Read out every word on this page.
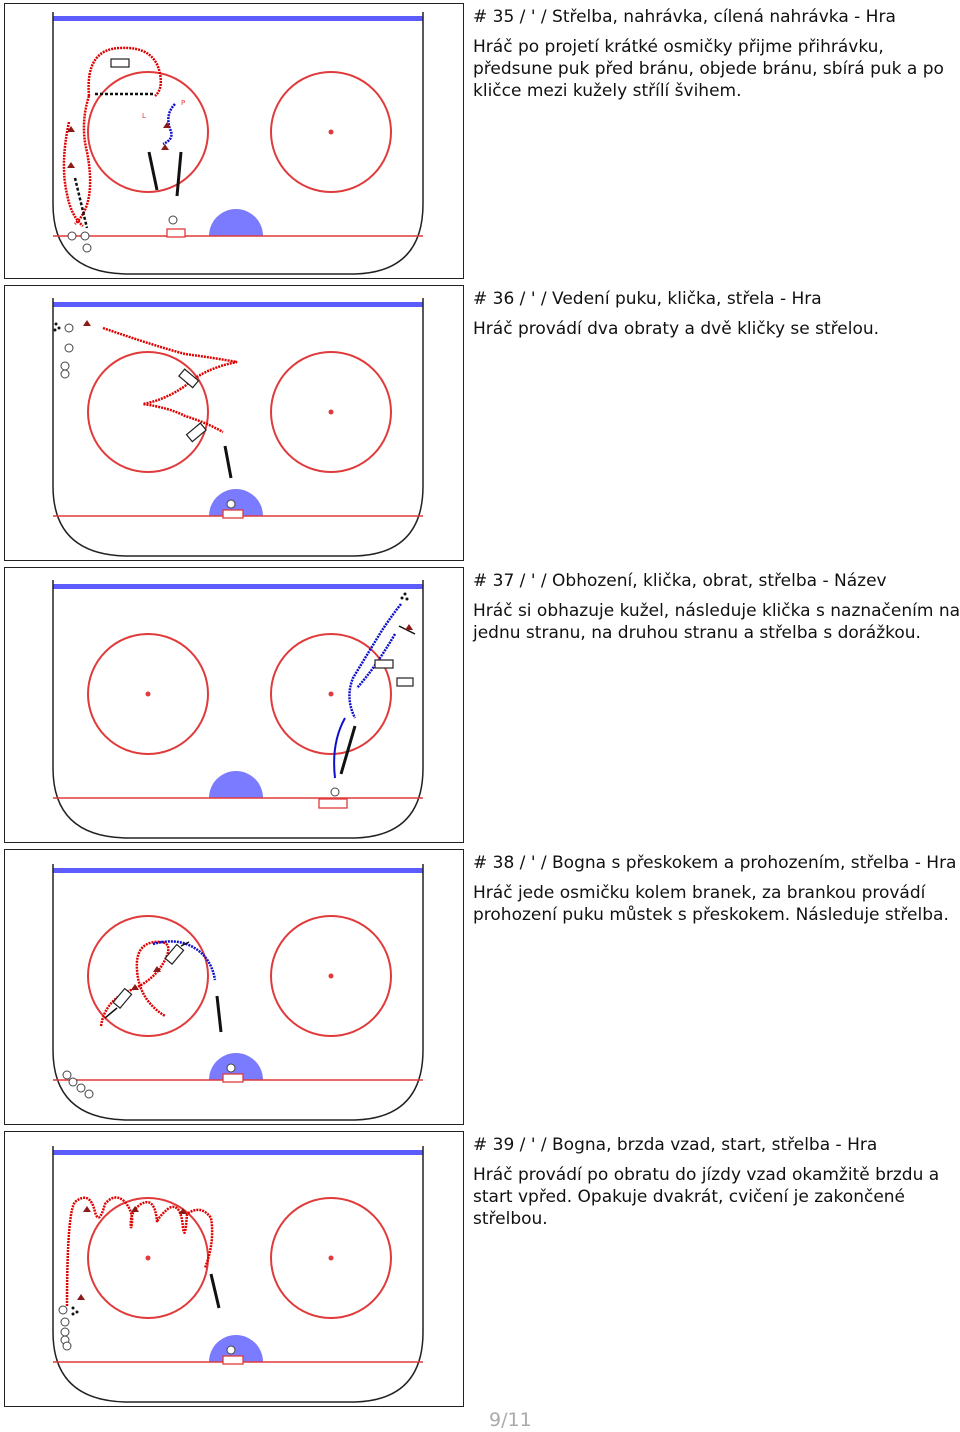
L
P
# 35 / ' / Střelba, nahrávka, cílená nahrávka - Hra
Hráč po projetí krátké osmičky přijme přihrávku, předsune puk před bránu, objede bránu, sbírá puk a po kličce mezi kužely střílí švihem.
# 36 / ' / Vedení puku, klička, střela - Hra
Hráč provádí dva obraty a dvě kličky se střelou.
# 37 / ' / Obhození, klička, obrat, střelba - Název
Hráč si obhazuje kužel, následuje klička s naznačením na jednu stranu, na druhou stranu a střelba s dorážkou.
# 38 / ' / Bogna s přeskokem a prohozením, střelba - Hra
Hráč jede osmičku kolem branek, za brankou provádí prohození puku můstek s přeskokem. Následuje střelba.
# 39 / ' / Bogna, brzda vzad, start, střelba - Hra
Hráč provádí po obratu do jízdy vzad okamžitě brzdu a start vpřed. Opakuje dvakrát, cvičení je zakončené střelbou.
9/11
